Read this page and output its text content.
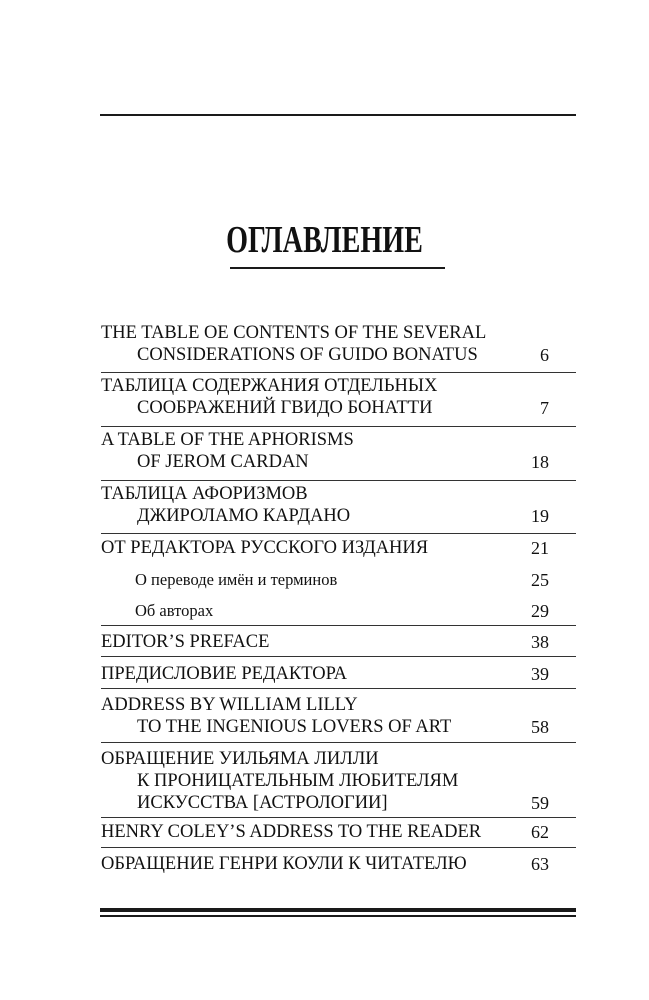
ОГЛАВЛЕНИЕ
THE TABLE OE CONTENTS OF THE SEVERAL
CONSIDERATIONS OF GUIDO BONATUS	6
ТАБЛИЦА СОДЕРЖАНИЯ ОТДЕЛЬНЫХ
СООБРАЖЕНИЙ ГВИДО БОНАТТИ	7
A TABLE OF THE APHORISMS
OF JEROM CARDAN	18
ТАБЛИЦА АФОРИЗМОВ
ДЖИРОЛАМО КАРДАНО	19
ОТ РЕДАКТОРА РУССКОГО ИЗДАНИЯ	21
О переводе имён и терминов	25
Об авторах	29
EDITOR’S PREFACE	38
ПРЕДИСЛОВИЕ РЕДАКТОРА	39
ADDRESS BY WILLIAM LILLY
TO THE INGENIOUS LOVERS OF ART	58
ОБРАЩЕНИЕ УИЛЬЯМА ЛИЛЛИ
К ПРОНИЦАТЕЛЬНЫМ ЛЮБИТЕЛЯМ
ИСКУССТВА [АСТРОЛОГИИ]	59
HENRY COLEY’S ADDRESS TO THE READER	62
ОБРАЩЕНИЕ ГЕНРИ КОУЛИ К ЧИТАТЕЛЮ	63
